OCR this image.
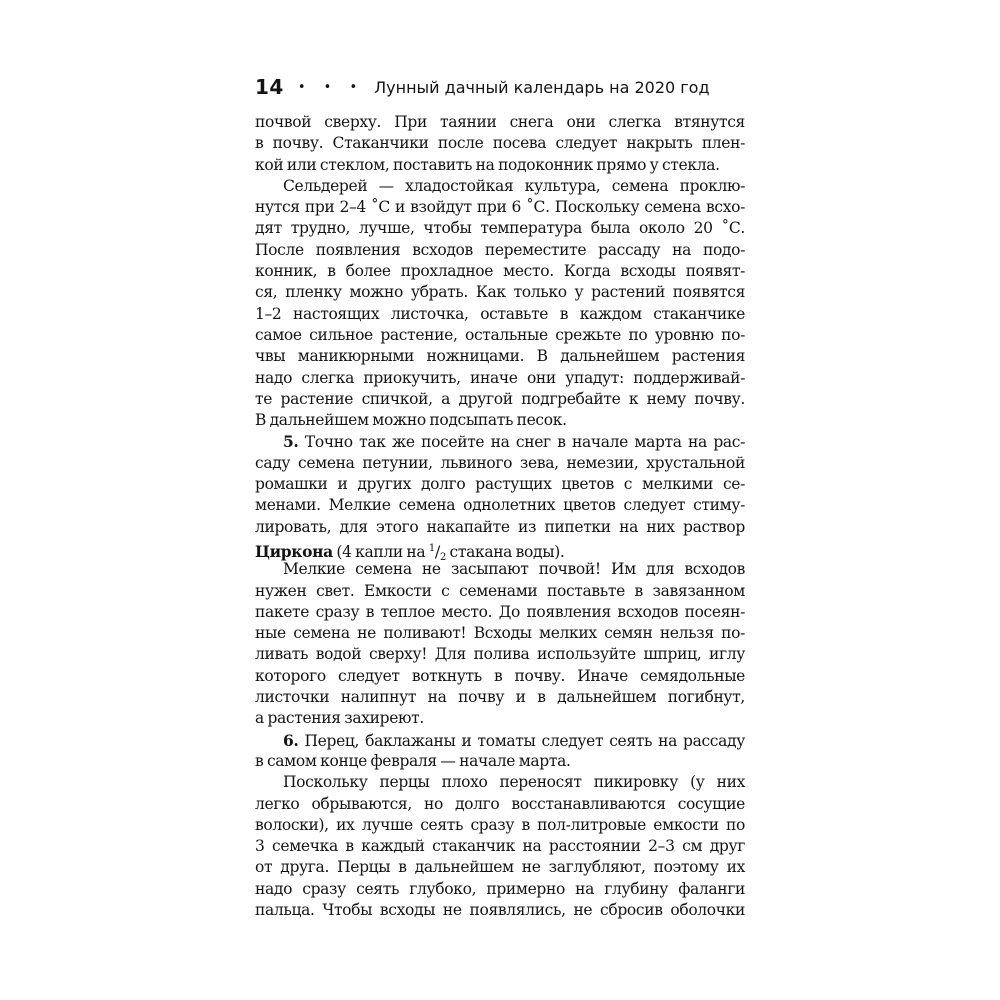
14 • • • Лунный дачный календарь на 2020 год
почвой сверху. При таянии снега они слегка втянутся
в почву. Стаканчики после посева следует накрыть плен-
кой или стеклом, поставить на подоконник прямо у стекла.
Сельдерей — хладостойкая культура, семена проклю-
нутся при 2–4 ˚С и взойдут при 6 ˚С. Поскольку семена всхо-
дят трудно, лучше, чтобы температура была около 20 ˚С.
После появления всходов переместите рассаду на подо-
конник, в более прохладное место. Когда всходы появят-
ся, пленку можно убрать. Как только у растений появятся
1–2 настоящих листочка, оставьте в каждом стаканчике
самое сильное растение, остальные срежьте по уровню по-
чвы маникюрными ножницами. В дальнейшем растения
надо слегка приокучить, иначе они упадут: поддерживай-
те растение спичкой, а другой подгребайте к нему почву.
В дальнейшем можно подсыпать песок.
5. Точно так же посейте на снег в начале марта на рас-
саду семена петунии, львиного зева, немезии, хрустальной
ромашки и других долго растущих цветов с мелкими се-
менами. Мелкие семена однолетних цветов следует стиму-
лировать, для этого накапайте из пипетки на них раствор
Циркона (4 капли на $^1$/2 стакана воды).
Мелкие семена не засыпают почвой! Им для всходов
нужен свет. Емкости с семенами поставьте в завязанном
пакете сразу в теплое место. До появления всходов посеян-
ные семена не поливают! Всходы мелких семян нельзя по-
ливать водой сверху! Для полива используйте шприц, иглу
которого следует воткнуть в почву. Иначе семядольные
листочки налипнут на почву и в дальнейшем погибнут,
а растения захиреют.
6. Перец, баклажаны и томаты следует сеять на рассаду
в самом конце февраля — начале марта.
Поскольку перцы плохо переносят пикировку (у них
легко обрываются, но долго восстанавливаются сосущие
волоски), их лучше сеять сразу в пол-литровые емкости по
3 семечка в каждый стаканчик на расстоянии 2–3 см друг
от друга. Перцы в дальнейшем не заглубляют, поэтому их
надо сразу сеять глубоко, примерно на глубину фаланги
пальца. Чтобы всходы не появлялись, не сбросив оболочки
